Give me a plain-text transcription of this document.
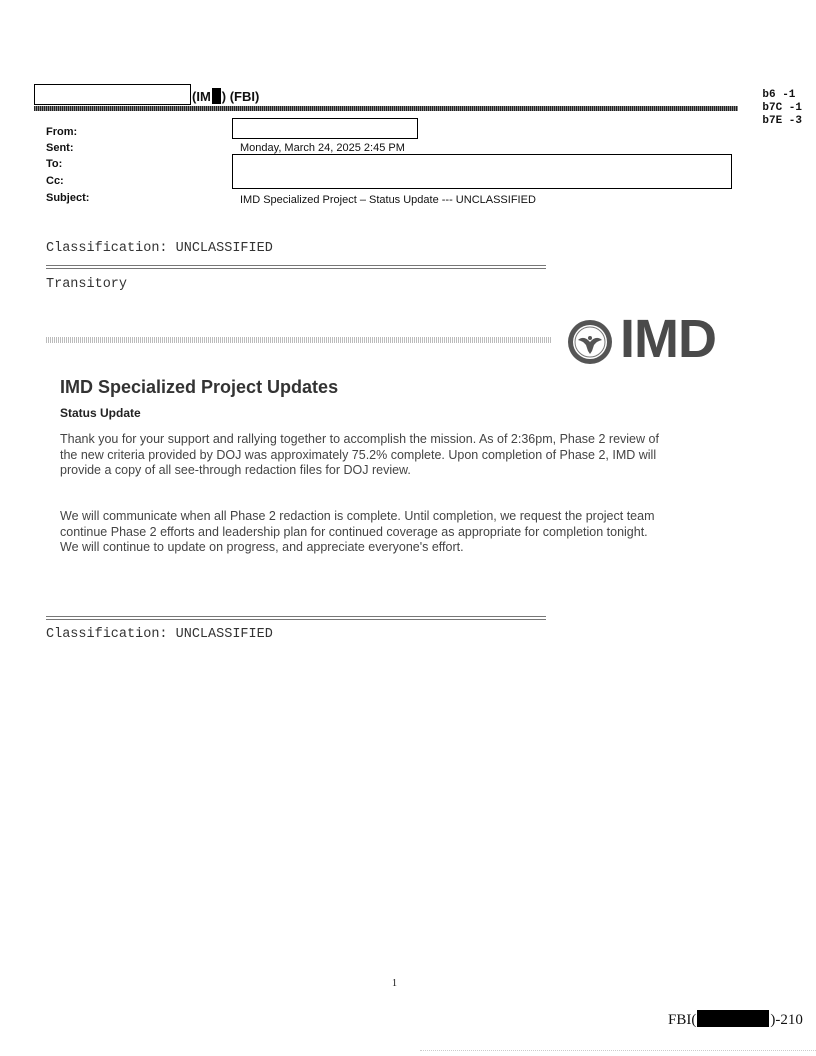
(IM ) (FBI)	b6 -1
b7C -1
b7E -3
From:
Sent:
To:
Cc:
Subject:
Monday, March 24, 2025 2:45 PM
IMD Specialized Project – Status Update --- UNCLASSIFIED
Classification: UNCLASSIFIED
Transitory
IMD
IMD Specialized Project Updates
Status Update
Thank you for your support and rallying together to accomplish the mission. As of 2:36pm, Phase 2 review of the new criteria provided by DOJ was approximately 75.2% complete. Upon completion of Phase 2, IMD will provide a copy of all see-through redaction files for DOJ review.
We will communicate when all Phase 2 redaction is complete. Until completion, we request the project team continue Phase 2 efforts and leadership plan for continued coverage as appropriate for completion tonight. We will continue to update on progress, and appreciate everyone's effort.
Classification: UNCLASSIFIED
1
FBI(	)-210
